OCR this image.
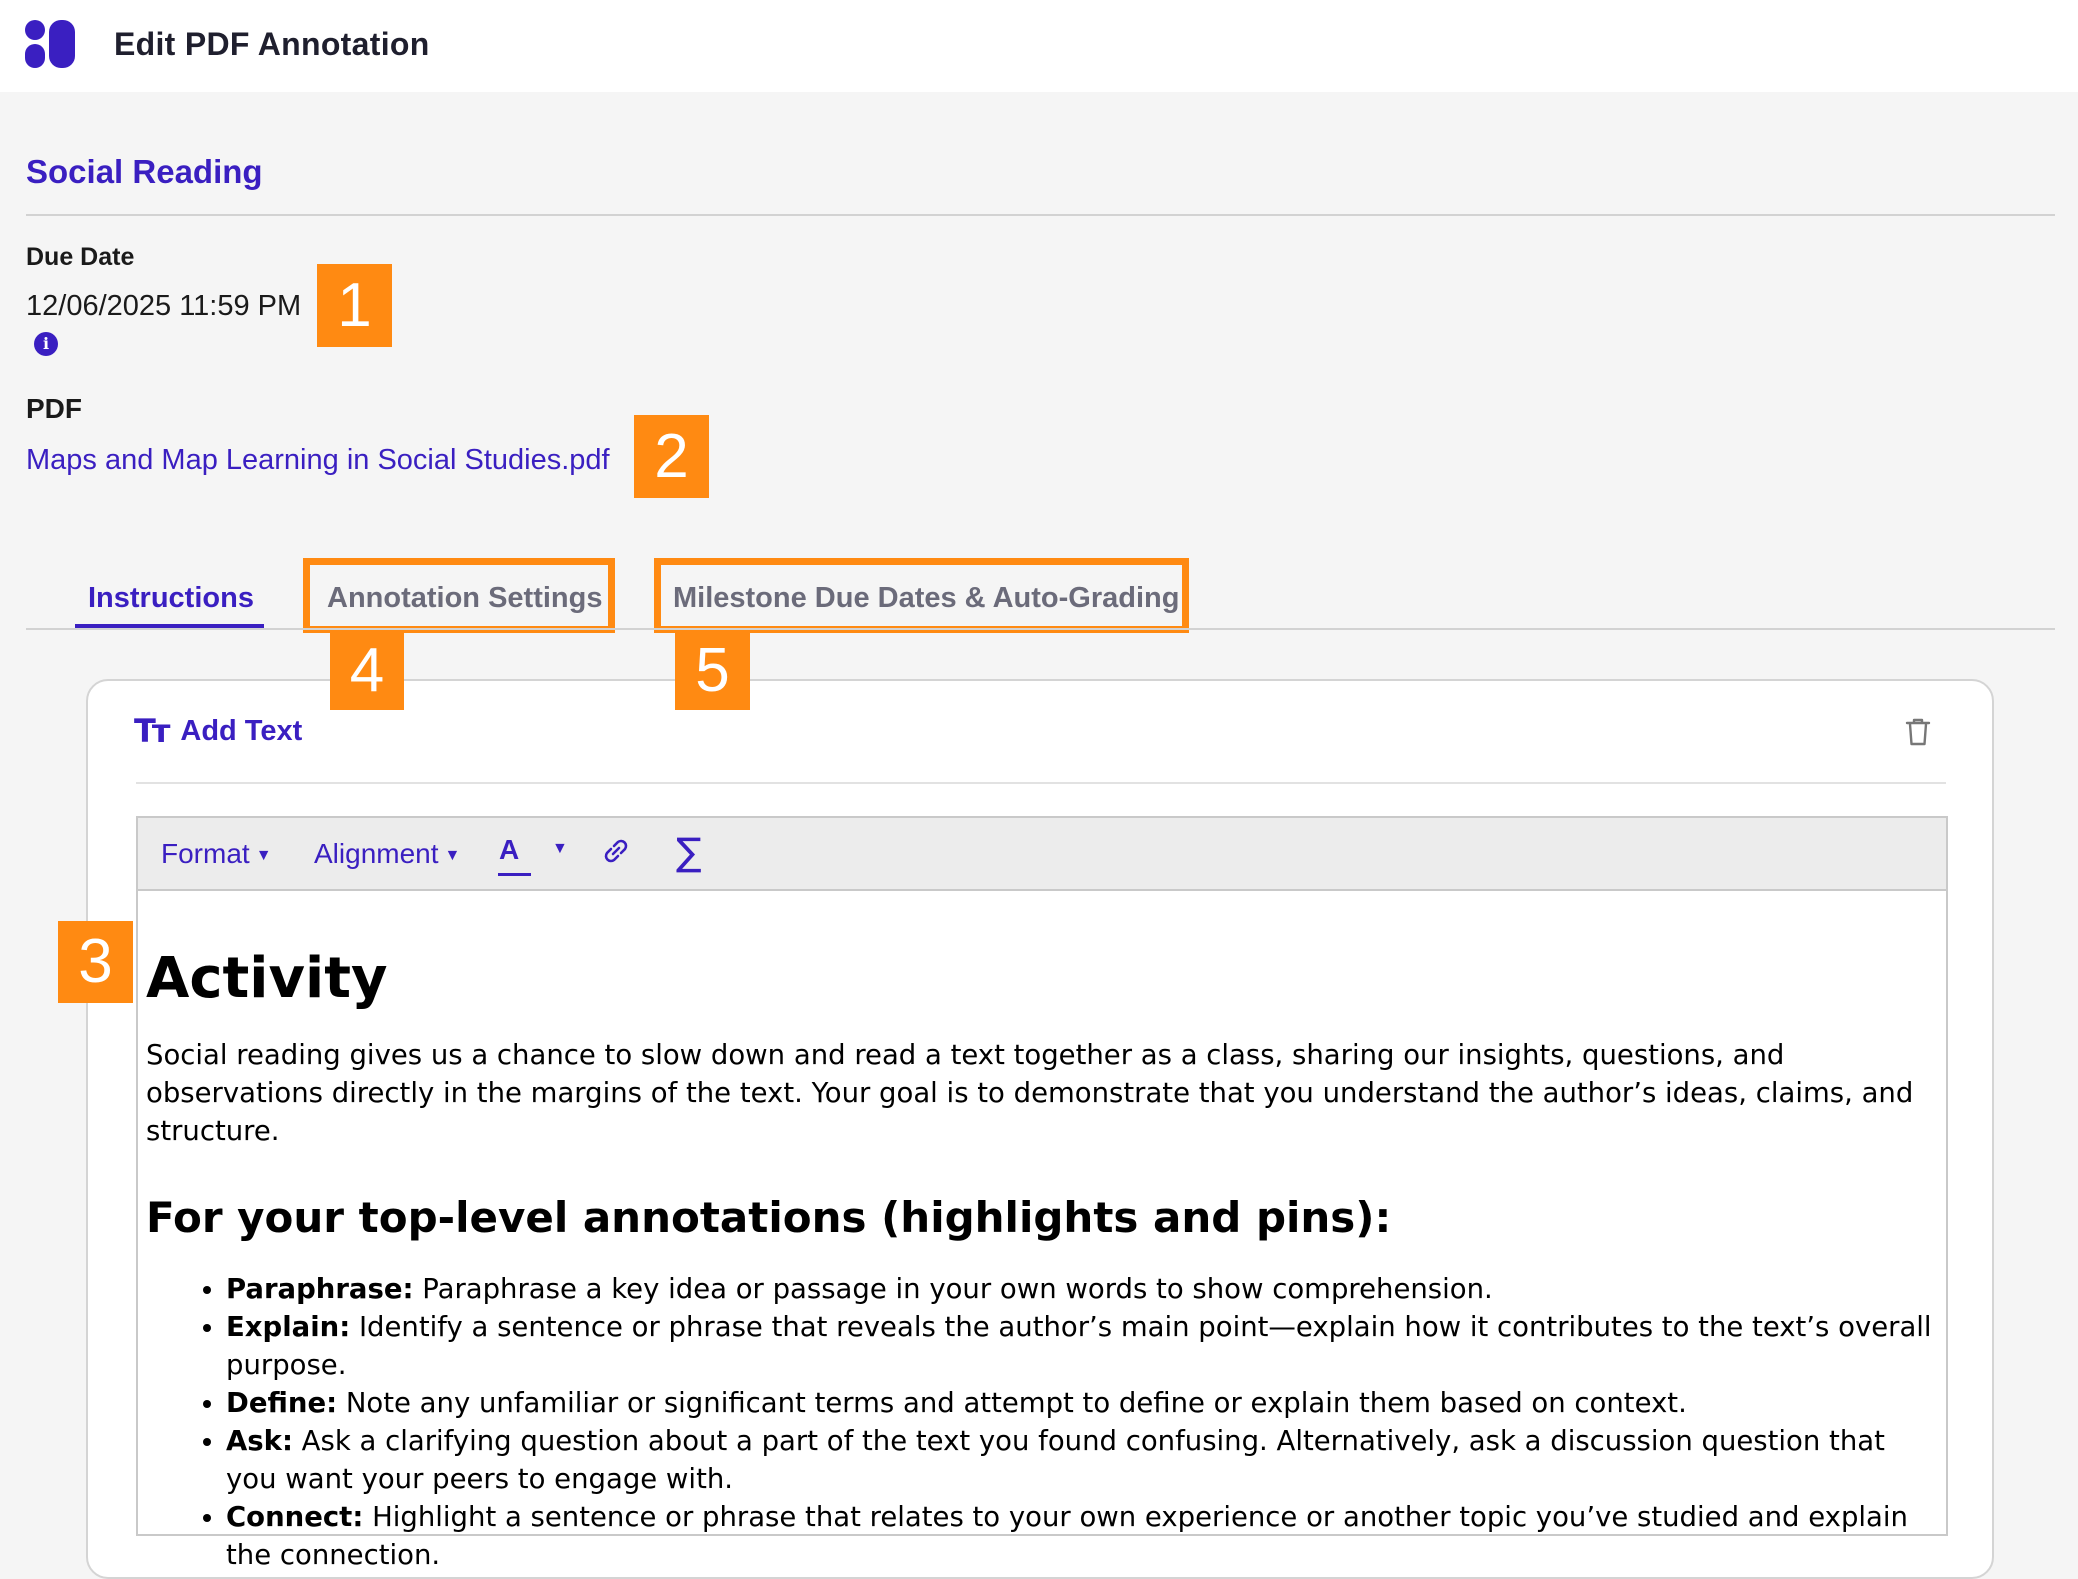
Edit PDF Annotation
Social Reading
Due Date
12/06/2025 11:59 PM
i
1
PDF
Maps and Map Learning in Social Studies.pdf 2
Instructions	Annotation Settings Milestone Due Dates & Auto-Grading
4	5
Tт Add Text
Format ▼ Alignment ▼ A ▼	∑
Activity
Social reading gives us a chance to slow down and read a text together as a class, sharing our insights, questions, and observations directly in the margins of the text. Your goal is to demonstrate that you understand the author’s ideas, claims, and structure.
For your top-level annotations (highlights and pins):
• Paraphrase: Paraphrase a key idea or passage in your own words to show comprehension.
• Explain: Identify a sentence or phrase that reveals the author’s main point—explain how it contributes to the text’s overall purpose.
• Define: Note any unfamiliar or significant terms and attempt to define or explain them based on context.
• Ask: Ask a clarifying question about a part of the text you found confusing. Alternatively, ask a discussion question that you want your peers to engage with.
• Connect: Highlight a sentence or phrase that relates to your own experience or another topic you’ve studied and explain the connection.
3
